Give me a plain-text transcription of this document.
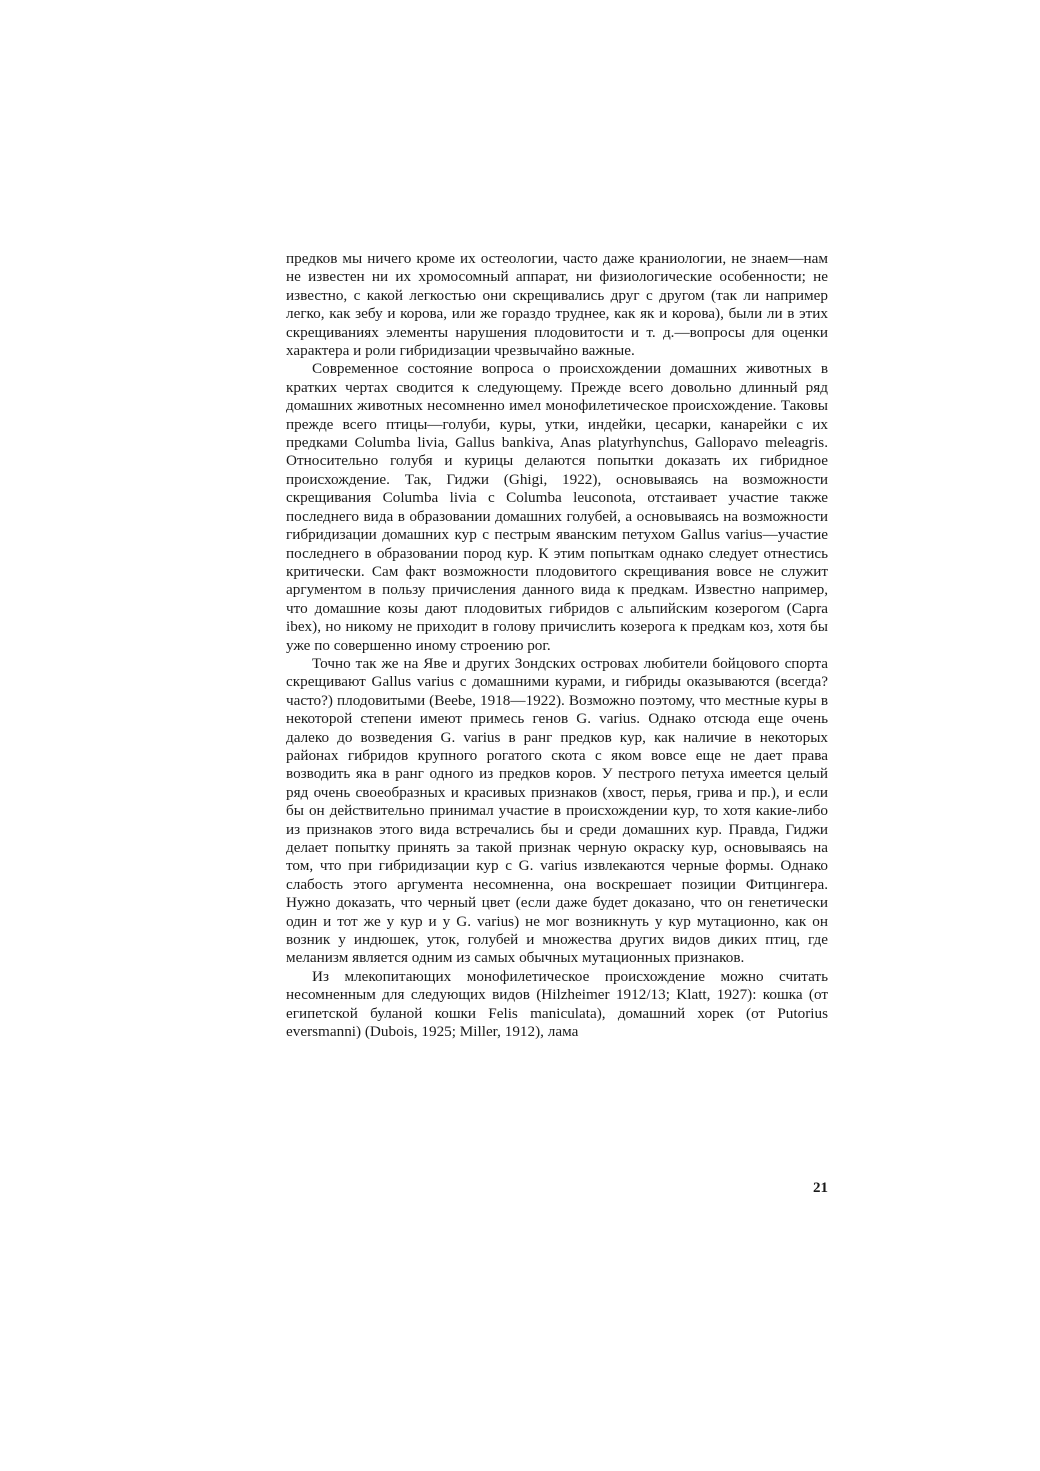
предков мы ничего кроме их остеологии, часто даже краниологии, не знаем—нам не известен ни их хромосомный аппарат, ни физиологические особенности; не известно, с какой легкостью они скрещивались друг с другом (так ли например легко, как зебу и корова, или же гораздо труднее, как як и корова), были ли в этих скрещиваниях элементы нарушения плодовитости и т. д.—вопросы для оценки характера и роли гибридизации чрезвычайно важные.

Современное состояние вопроса о происхождении домашних животных в кратких чертах сводится к следующему. Прежде всего довольно длинный ряд домашних животных несомненно имел монофилетическое происхождение. Таковы прежде всего птицы—голуби, куры, утки, индейки, цесарки, канарейки с их предками Columba livia, Gallus bankiva, Anas platyrhynchus, Gallopavo meleagris. Относительно голубя и курицы делаются попытки доказать их гибридное происхождение. Так, Гиджи (Ghigi, 1922), основываясь на возможности скрещивания Columba livia с Columba leuconota, отстаивает участие также последнего вида в образовании домашних голубей, а основываясь на возможности гибридизации домашних кур с пестрым яванским петухом Gallus varius—участие последнего в образовании пород кур. К этим попыткам однако следует отнестись критически. Сам факт возможности плодовитого скрещивания вовсе не служит аргументом в пользу причисления данного вида к предкам. Известно например, что домашние козы дают плодовитых гибридов с альпийским козерогом (Capra ibex), но никому не приходит в голову причислить козерога к предкам коз, хотя бы уже по совершенно иному строению рог.

Точно так же на Яве и других Зондских островах любители бойцового спорта скрещивают Gallus varius с домашними курами, и гибриды оказываются (всегда? часто?) плодовитыми (Beebe, 1918—1922). Возможно поэтому, что местные куры в некоторой степени имеют примесь генов G. varius. Однако отсюда еще очень далеко до возведения G. varius в ранг предков кур, как наличие в некоторых районах гибридов крупного рогатого скота с яком вовсе еще не дает права возводить яка в ранг одного из предков коров. У пестрого петуха имеется целый ряд очень своеобразных и красивых признаков (хвост, перья, грива и пр.), и если бы он действительно принимал участие в происхождении кур, то хотя какие-либо из признаков этого вида встречались бы и среди домашних кур. Правда, Гиджи делает попытку принять за такой признак черную окраску кур, основываясь на том, что при гибридизации кур с G. varius извлекаются черные формы. Однако слабость этого аргумента несомненна, она воскрешает позиции Фитцингера. Нужно доказать, что черный цвет (если даже будет доказано, что он генетически один и тот же у кур и у G. varius) не мог возникнуть у кур мутационно, как он возник у индюшек, уток, голубей и множества других видов диких птиц, где меланизм является одним из самых обычных мутационных признаков.

Из млекопитающих монофилетическое происхождение можно считать несомненным для следующих видов (Hilzheimer 1912/13; Klatt, 1927): кошка (от египетской буланой кошки Felis maniculata), домашний хорек (от Putorius eversmanni) (Dubois, 1925; Miller, 1912), лама

21
